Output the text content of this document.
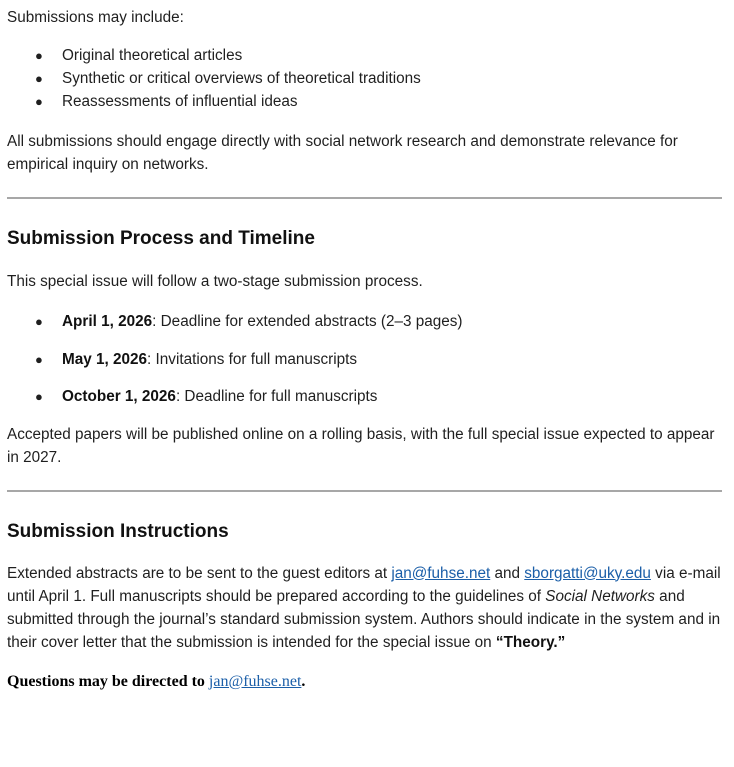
Submissions may include:

● Original theoretical articles
● Synthetic or critical overviews of theoretical traditions
● Reassessments of influential ideas

All submissions should engage directly with social network research and demonstrate relevance for empirical inquiry on networks.

Submission Process and Timeline

This special issue will follow a two-stage submission process.

● April 1, 2026: Deadline for extended abstracts (2–3 pages)
● May 1, 2026: Invitations for full manuscripts
● October 1, 2026: Deadline for full manuscripts

Accepted papers will be published online on a rolling basis, with the full special issue expected to appear in 2027.

Submission Instructions

Extended abstracts are to be sent to the guest editors at jan@fuhse.net and sborgatti@uky.edu via e-mail until April 1. Full manuscripts should be prepared according to the guidelines of Social Networks and submitted through the journal’s standard submission system. Authors should indicate in the system and in their cover letter that the submission is intended for the special issue on “Theory.”

Questions may be directed to jan@fuhse.net.
